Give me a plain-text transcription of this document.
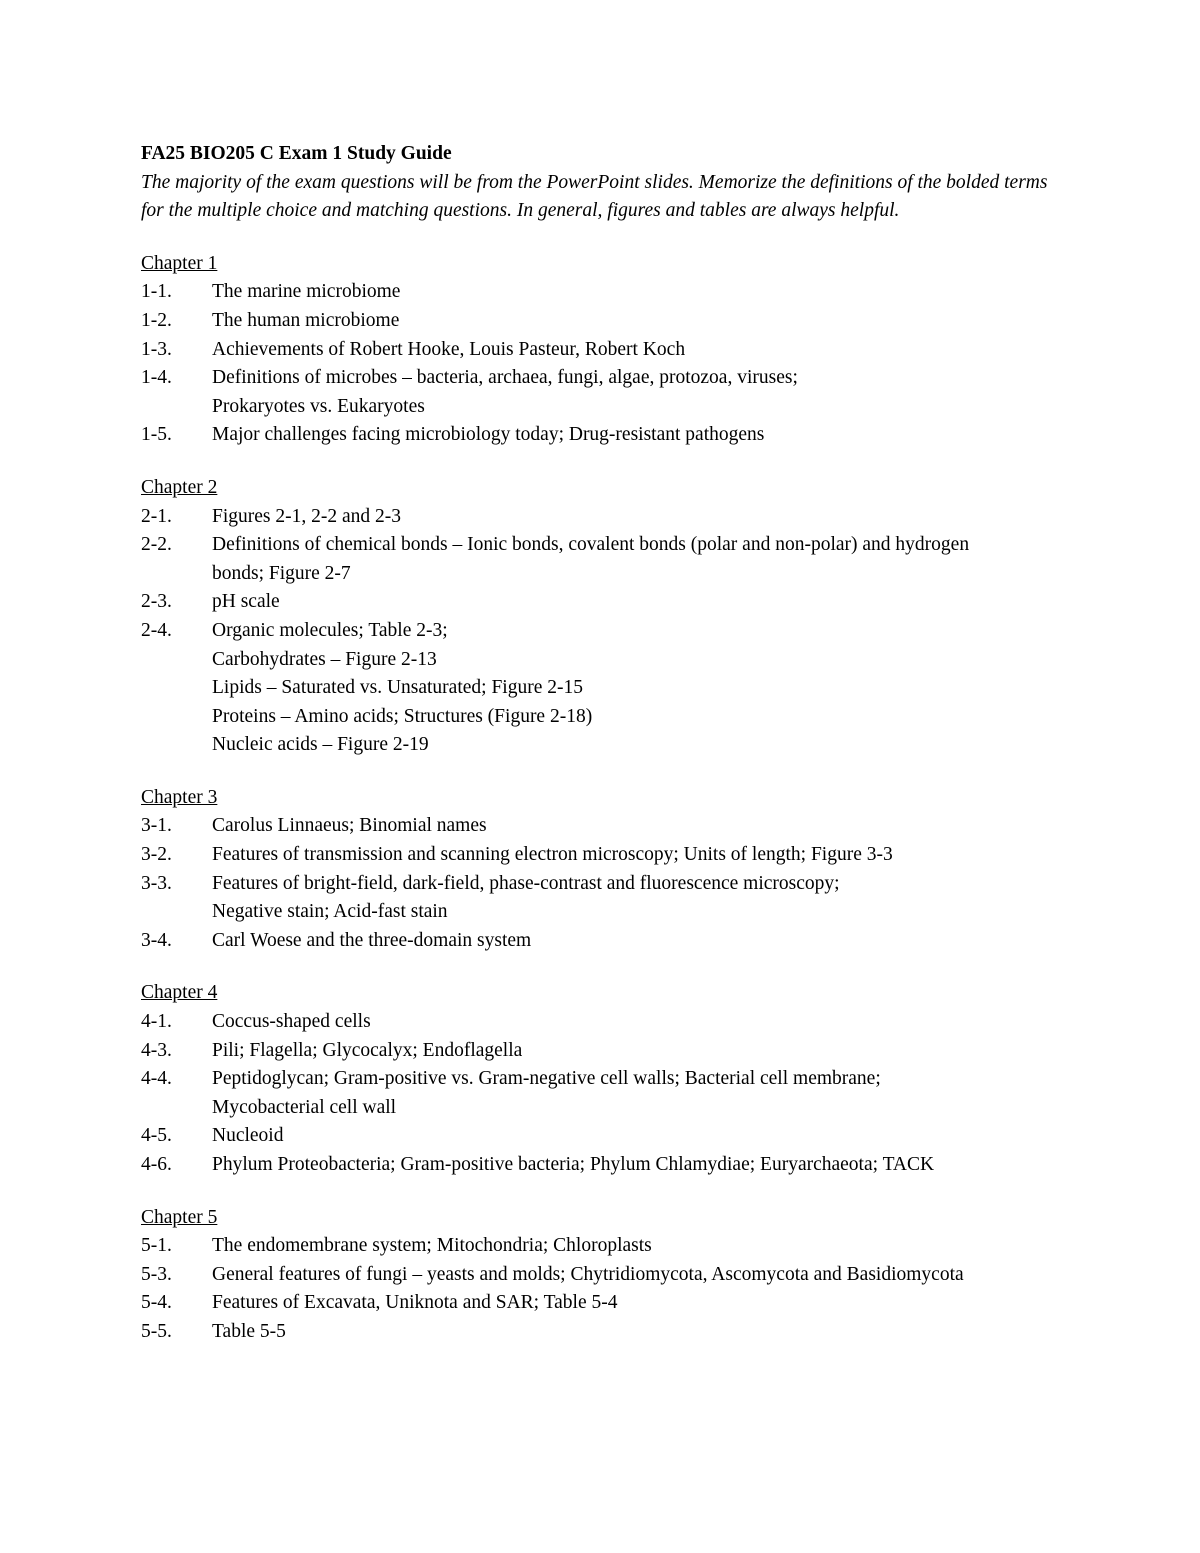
FA25 BIO205 C Exam 1 Study Guide

The majority of the exam questions will be from the PowerPoint slides. Memorize the definitions of the bolded terms for the multiple choice and matching questions. In general, figures and tables are always helpful.

Chapter 1

1-1.	The marine microbiome
1-2.	The human microbiome
1-3.	Achievements of Robert Hooke, Louis Pasteur, Robert Koch
1-4.	Definitions of microbes – bacteria, archaea, fungi, algae, protozoa, viruses;
Prokaryotes vs. Eukaryotes
1-5.	Major challenges facing microbiology today; Drug-resistant pathogens

Chapter 2

2-1.	Figures 2-1, 2-2 and 2-3
2-2.	Definitions of chemical bonds – Ionic bonds, covalent bonds (polar and non-polar) and hydrogen
bonds; Figure 2-7
2-3.	pH scale
2-4.	Organic molecules; Table 2-3;
Carbohydrates – Figure 2-13
Lipids – Saturated vs. Unsaturated; Figure 2-15
Proteins – Amino acids; Structures (Figure 2-18)
Nucleic acids – Figure 2-19

Chapter 3

3-1.	Carolus Linnaeus; Binomial names
3-2.	Features of transmission and scanning electron microscopy; Units of length; Figure 3-3
3-3.	Features of bright-field, dark-field, phase-contrast and fluorescence microscopy;
Negative stain; Acid-fast stain
3-4.	Carl Woese and the three-domain system

Chapter 4

4-1.	Coccus-shaped cells
4-3.	Pili; Flagella; Glycocalyx; Endoflagella
4-4.	Peptidoglycan; Gram-positive vs. Gram-negative cell walls; Bacterial cell membrane;
Mycobacterial cell wall
4-5.	Nucleoid
4-6.	Phylum Proteobacteria; Gram-positive bacteria; Phylum Chlamydiae; Euryarchaeota; TACK

Chapter 5

5-1.	The endomembrane system; Mitochondria; Chloroplasts
5-3.	General features of fungi – yeasts and molds; Chytridiomycota, Ascomycota and Basidiomycota
5-4.	Features of Excavata, Uniknota and SAR; Table 5-4
5-5.	Table 5-5
